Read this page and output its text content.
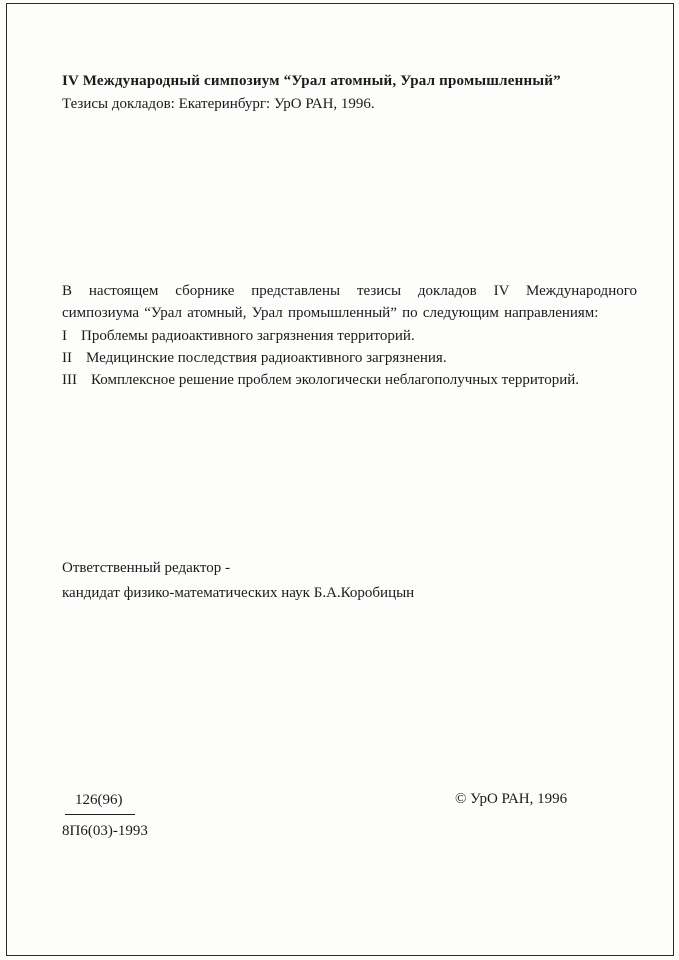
IV Международный симпозиум “Урал атомный, Урал промышленный”
Тезисы докладов: Екатеринбург: УрО РАН, 1996.
В настоящем сборнике представлены тезисы докладов IV Международного
симпозиума “Урал атомный, Урал промышленный” по следующим направлениям:
I Проблемы радиоактивного загрязнения территорий.
II Медицинские последствия радиоактивного загрязнения.
III Комплексное решение проблем экологически неблагополучных территорий.
Ответственный редактор -
кандидат физико-математических наук Б.А.Коробицын
126(96)
8П6(03)-1993
© УрО РАН, 1996
